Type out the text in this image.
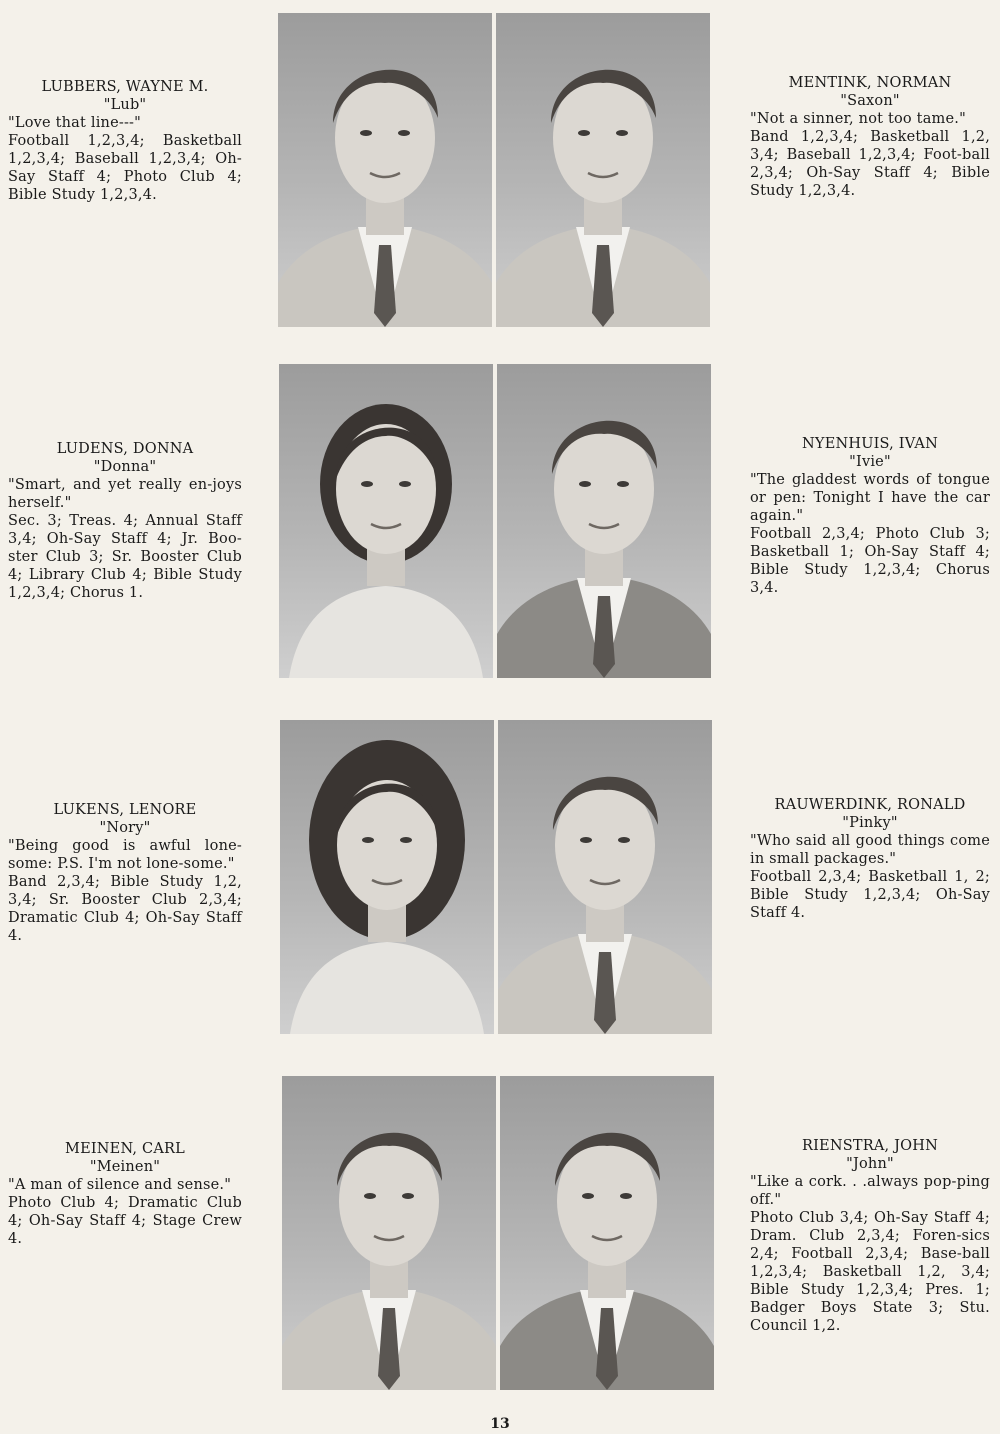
LUBBERS, WAYNE M.
"Lub"
"Love that line---"
Football 1,2,3,4; Basketball 1,2,3,4; Baseball 1,2,3,4; Oh-Say Staff 4; Photo Club 4; Bible Study 1,2,3,4.
MENTINK, NORMAN
"Saxon"
"Not a sinner, not too tame."
Band 1,2,3,4; Basketball 1,2, 3,4; Baseball 1,2,3,4; Foot-ball 2,3,4; Oh-Say Staff 4; Bible Study 1,2,3,4.
LUDENS, DONNA
"Donna"
"Smart, and yet really en-joys herself."
Sec. 3; Treas. 4; Annual Staff 3,4; Oh-Say Staff 4; Jr. Boo-ster Club 3; Sr. Booster Club 4; Library Club 4; Bible Study 1,2,3,4; Chorus 1.
NYENHUIS, IVAN
"Ivie"
"The gladdest words of tongue or pen: Tonight I have the car again."
Football 2,3,4; Photo Club 3; Basketball 1; Oh-Say Staff 4; Bible Study 1,2,3,4; Chorus 3,4.
LUKENS, LENORE
"Nory"
"Being good is awful lone-some: P.S. I'm not lone-some."
Band 2,3,4; Bible Study 1,2, 3,4; Sr. Booster Club 2,3,4; Dramatic Club 4; Oh-Say Staff 4.
RAUWERDINK, RONALD
"Pinky"
"Who said all good things come in small packages."
Football 2,3,4; Basketball 1, 2; Bible Study 1,2,3,4; Oh-Say Staff 4.
MEINEN, CARL
"Meinen"
"A man of silence and sense."
Photo Club 4; Dramatic Club 4; Oh-Say Staff 4; Stage Crew 4.
RIENSTRA, JOHN
"John"
"Like a cork. . .always pop-ping off."
Photo Club 3,4; Oh-Say Staff 4; Dram. Club 2,3,4; Foren-sics 2,4; Football 2,3,4; Base-ball 1,2,3,4; Basketball 1,2, 3,4; Bible Study 1,2,3,4; Pres. 1; Badger Boys State 3; Stu. Council 1,2.
13
